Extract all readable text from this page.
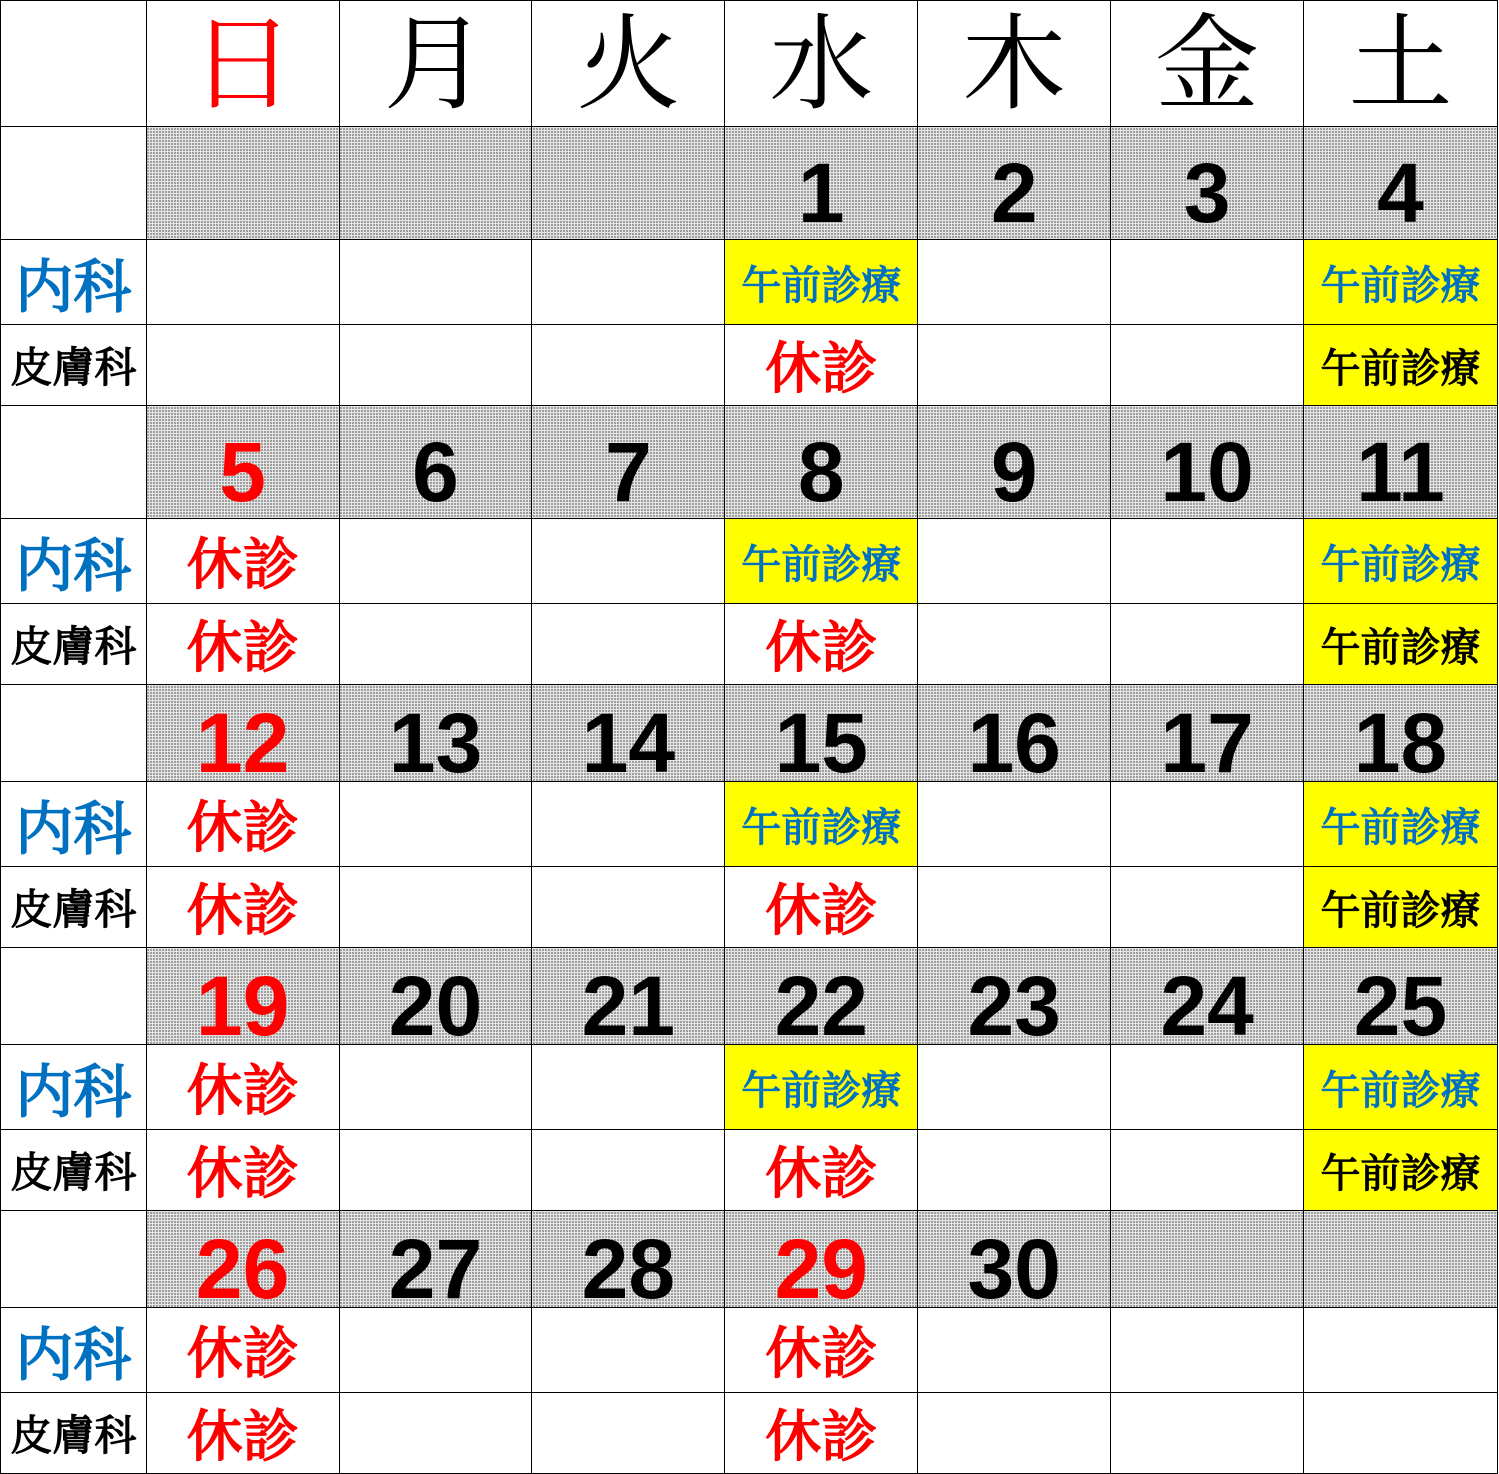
	日	月	火	水	木	金	土
				1	2	3	4
内科				午前診療			午前診療
皮膚科				休診			午前診療
	5	6	7	8	9	10	11
内科	休診			午前診療			午前診療
皮膚科	休診			休診			午前診療
	12	13	14	15	16	17	18
内科	休診			午前診療			午前診療
皮膚科	休診			休診			午前診療
	19	20	21	22	23	24	25
内科	休診			午前診療			午前診療
皮膚科	休診			休診			午前診療
	26	27	28	29	30		
内科	休診			休診			
皮膚科	休診			休診			
